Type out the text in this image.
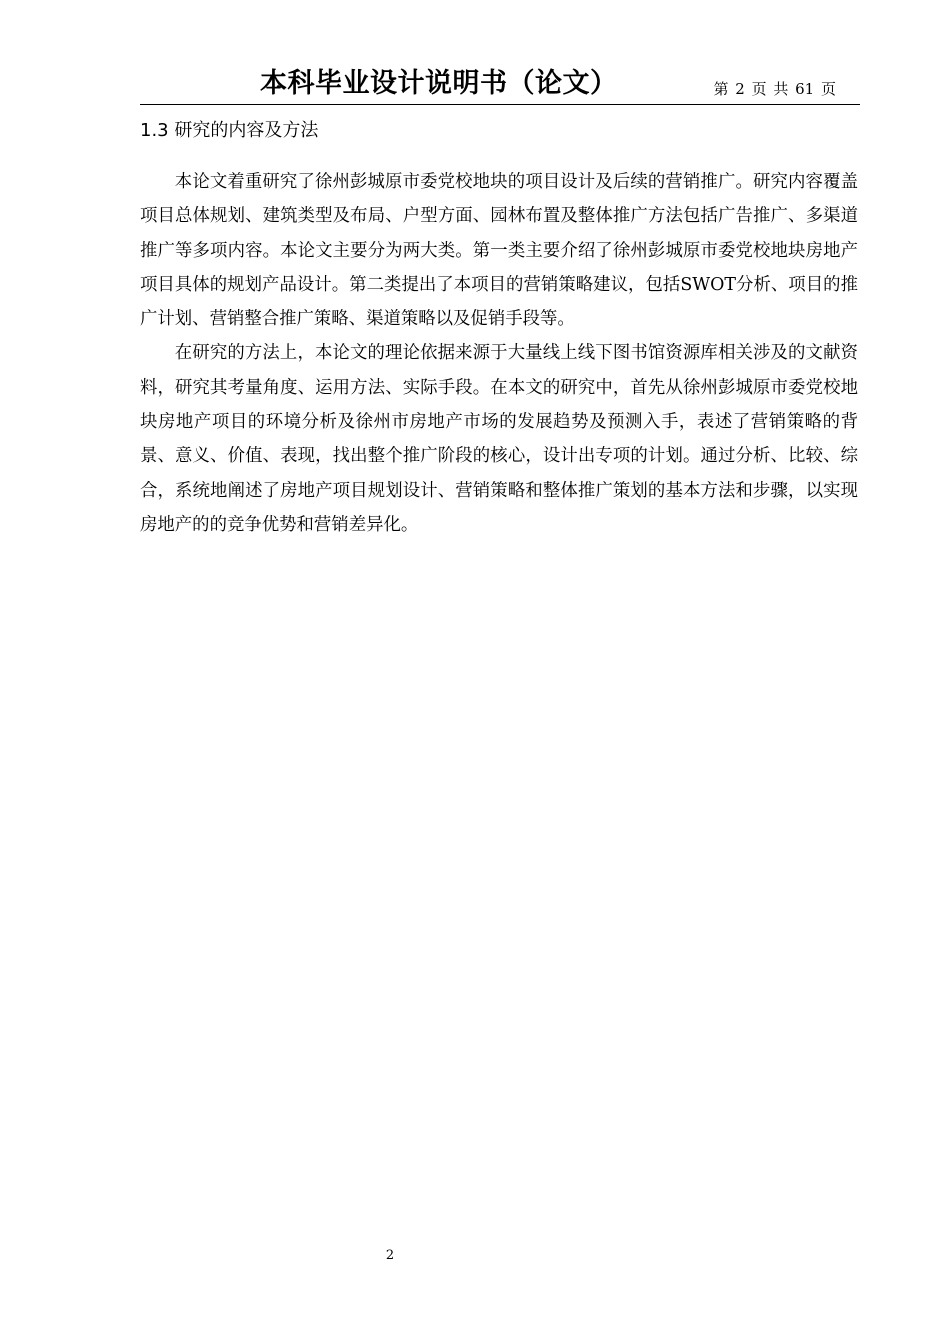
本科毕业设计说明书（论文）	第 2 页 共 61 页
1.3 研究的内容及方法

本论文着重研究了徐州彭城原市委党校地块的项目设计及后续的营销推广。研究内容覆盖项目总体规划、建筑类型及布局、户型方面、园林布置及整体推广方法包括广告推广、多渠道推广等多项内容。本论文主要分为两大类。第一类主要介绍了徐州彭城原市委党校地块房地产项目具体的规划产品设计。第二类提出了本项目的营销策略建议，包括SWOT分析、项目的推广计划、营销整合推广策略、渠道策略以及促销手段等。

在研究的方法上，本论文的理论依据来源于大量线上线下图书馆资源库相关涉及的文献资料，研究其考量角度、运用方法、实际手段。在本文的研究中，首先从徐州彭城原市委党校地块房地产项目的环境分析及徐州市房地产市场的发展趋势及预测入手，表述了营销策略的背景、意义、价值、表现，找出整个推广阶段的核心，设计出专项的计划。通过分析、比较、综合，系统地阐述了房地产项目规划设计、营销策略和整体推广策划的基本方法和步骤，以实现房地产的的竞争优势和营销差异化。

2
